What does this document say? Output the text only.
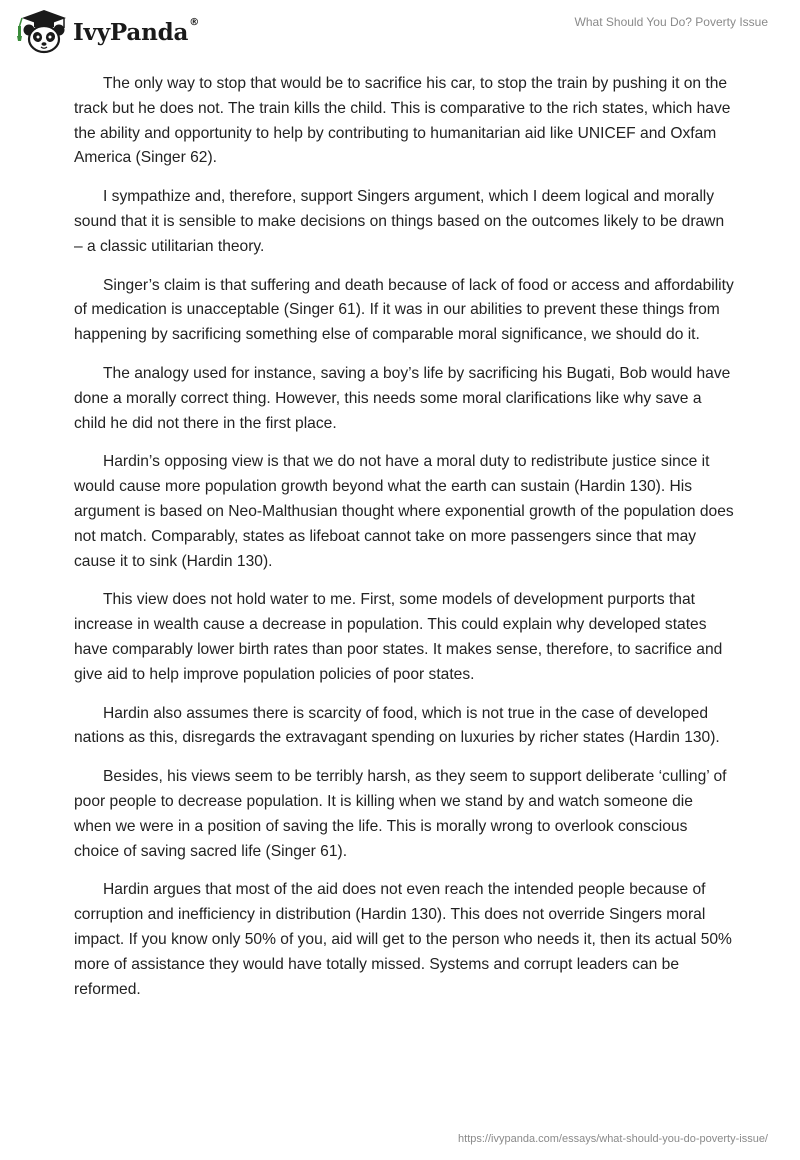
IvyPanda®	What Should You Do? Poverty Issue

The only way to stop that would be to sacrifice his car, to stop the train by pushing it on the track but he does not. The train kills the child. This is comparative to the rich states, which have the ability and opportunity to help by contributing to humanitarian aid like UNICEF and Oxfam America (Singer 62).

I sympathize and, therefore, support Singers argument, which I deem logical and morally sound that it is sensible to make decisions on things based on the outcomes likely to be drawn – a classic utilitarian theory.

Singer’s claim is that suffering and death because of lack of food or access and affordability of medication is unacceptable (Singer 61). If it was in our abilities to prevent these things from happening by sacrificing something else of comparable moral significance, we should do it.

The analogy used for instance, saving a boy’s life by sacrificing his Bugati, Bob would have done a morally correct thing. However, this needs some moral clarifications like why save a child he did not there in the first place.

Hardin’s opposing view is that we do not have a moral duty to redistribute justice since it would cause more population growth beyond what the earth can sustain (Hardin 130). His argument is based on Neo-Malthusian thought where exponential growth of the population does not match. Comparably, states as lifeboat cannot take on more passengers since that may cause it to sink (Hardin 130).

This view does not hold water to me. First, some models of development purports that increase in wealth cause a decrease in population. This could explain why developed states have comparably lower birth rates than poor states. It makes sense, therefore, to sacrifice and give aid to help improve population policies of poor states.

Hardin also assumes there is scarcity of food, which is not true in the case of developed nations as this, disregards the extravagant spending on luxuries by richer states (Hardin 130).

Besides, his views seem to be terribly harsh, as they seem to support deliberate ‘culling’ of poor people to decrease population. It is killing when we stand by and watch someone die when we were in a position of saving the life. This is morally wrong to overlook conscious choice of saving sacred life (Singer 61).

Hardin argues that most of the aid does not even reach the intended people because of corruption and inefficiency in distribution (Hardin 130). This does not override Singers moral impact. If you know only 50% of you, aid will get to the person who needs it, then its actual 50% more of assistance they would have totally missed. Systems and corrupt leaders can be reformed.

https://ivypanda.com/essays/what-should-you-do-poverty-issue/
